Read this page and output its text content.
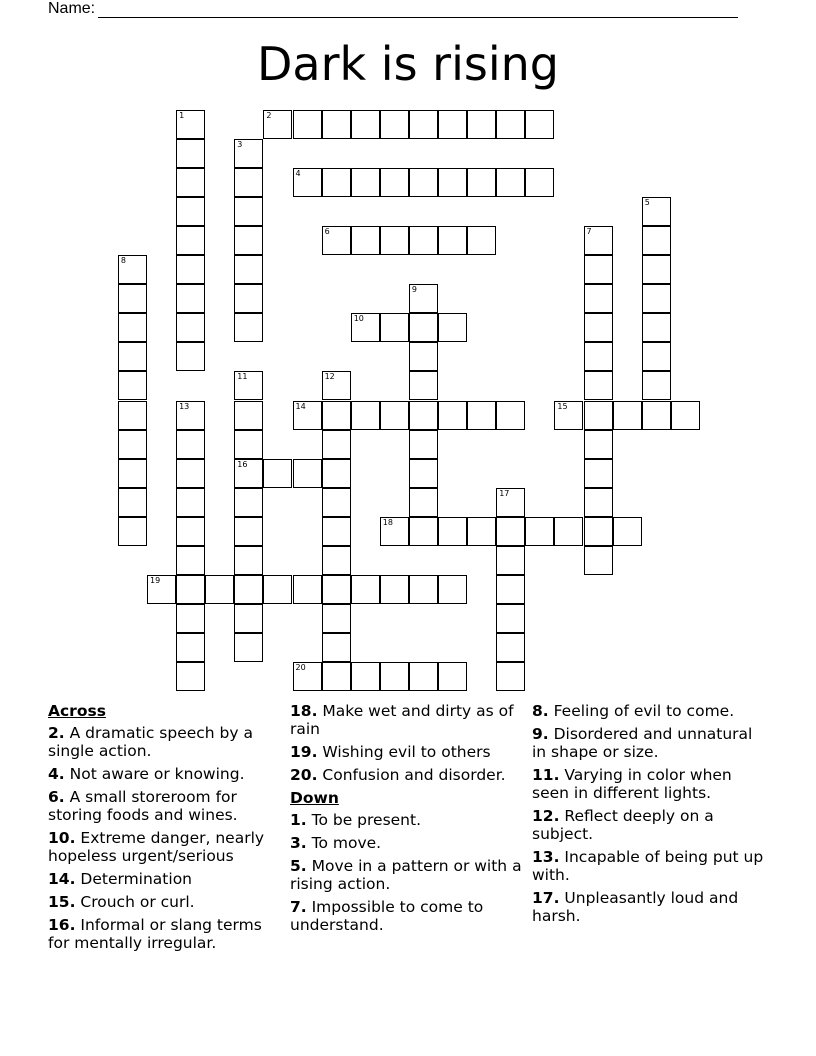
Name:
Dark is rising
1	2
3
4
5
6	7
8
9
10
11
16
12
13	14	15
17
18
19
20
Across
2. A dramatic speech by a single action.
4. Not aware or knowing.
6. A small storeroom for storing foods and wines.
10. Extreme danger, nearly hopeless urgent/serious
14. Determination
15. Crouch or curl.
16. Informal or slang terms for mentally irregular.
18. Make wet and dirty as of rain
19. Wishing evil to others
20. Confusion and disorder.
Down
1. To be present.
3. To move.
5. Move in a pattern or with a rising action.
7. Impossible to come to understand.
8. Feeling of evil to come.
9. Disordered and unnatural in shape or size.
11. Varying in color when seen in different lights.
12. Reflect deeply on a subject.
13. Incapable of being put up with.
17. Unpleasantly loud and harsh.
